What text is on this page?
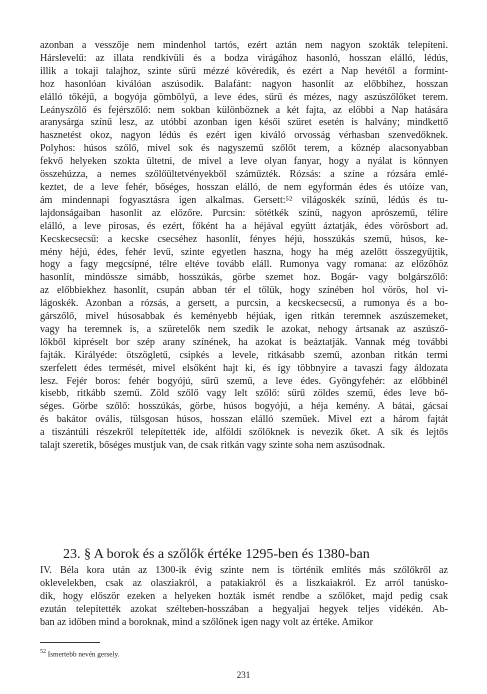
azonban a vesszője nem mindenhol tartós, ezért aztán nem nagyon szokták telepíteni.
Hárslevelű: az illata rendkívüli és a bodza virágához hasonló, hosszan elálló, lédús,
illik a tokaji talajhoz, szinte sűrű mézzé kövéredik, és ezért a Nap hevétől a formint-
hoz hasonlóan kiválóan aszúsodik. Balafánt: nagyon hasonlít az előbbihez, hosszan
elálló tőkéjű, a bogyója gömbölyű, a leve édes, sűrű és mézes, nagy aszúszőlőket terem.
Leányszőlő és fejérszőlő: nem sokban különböznek a két fajta, az elöbbi a Nap hatására
aranysárga színű lesz, az utóbbi azonban igen késői szüret esetén is halvány; mindkettő
hasznetést okoz, nagyon lédús és ezért igen kiváló orvosság vérhasban szenvedőknek.
Polyhos: húsos szőlő, mivel sok és nagyszemű szőlőt terem, a köznép alacsonyabban
fekvő helyeken szokta ültetni, de mivel a leve olyan fanyar, hogy a nyálat is könnyen
összehúzza, a nemes szőlőültetvényekből száműzték. Rózsás: a színe a rózsára emlé-
keztet, de a leve fehér, bőséges, hosszan elálló, de nem egyformán édes és utóíze van,
ám mindennapi fogyasztásra igen alkalmas. Gersett:⁵² világoskék színű, lédús és tu-
lajdonságaiban hasonlít az előzőre. Purcsin: sötétkék színű, nagyon aprószemű, télire
elálló, a leve pirosas, és ezért, főként ha a héjával együtt áztatják, édes vörösbort ad.
Kecskecsecsű: a kecske csecséhez hasonlít, fényes héjú, hosszúkás szemű, húsos, ke-
mény héjú, édes, fehér levű, szinte egyetlen haszna, hogy ha még azelőtt összegyűjtik,
hogy a fagy megcsípné, télre eltéve tovább eláll. Rumonya vagy romana: az előzőhöz
hasonlít, mindössze simább, hosszúkás, görbe szemet hoz. Bogár- vagy bolgárszőlő:
az előbbiekhez hasonlít, csupán abban tér el tőlük, hogy színében hol vörös, hol vi-
lágoskék. Azonban a rózsás, a gersett, a purcsin, a kecskecsecsű, a rumonya és a bo-
gárszőlő, mivel húsosabbak és keményebb héjúak, igen ritkán teremnek aszúszemeket,
vagy ha teremnek is, a szüretelők nem szedik le azokat, nehogy ártsanak az aszúsző-
lőkből kipréselt bor szép arany színének, ha azokat is beáztatják. Vannak még további
fajták. Királyéde: ötszögletű, csipkés a levele, ritkásabb szemű, azonban ritkán termi
szerfelett édes termését, mivel elsőként hajt ki, és így többnyire a tavaszi fagy áldozata
lesz. Fejér boros: fehér bogyójú, sűrű szemű, a leve édes. Gyöngyfehér: az előbbinél
kisebb, ritkább szemű. Zöld szőlő vagy lelt szőlő: sűrű zöldes szemű, édes leve bő-
séges. Görbe szőlő: hosszúkás, görbe, húsos bogyójú, a héja kemény. A bátai, gácsai
és bakátor ovális, tülsgosan húsos, hosszan elálló szemüek. Mivel ezt a három fajtát
a tiszántúli részekről telepítették ide, alföldi szőlőknek is nevezik őket. A sík és lejtős
talajt szeretik, bőséges mustjuk van, de csak ritkán vagy szinte soha nem aszúsodnak.
23. § A borok és a szőlők értéke 1295-ben és 1380-ban
IV. Béla kora után az 1300-ik évig szinte nem is történik említés más szőlőkről az
oklevelekben, csak az olasziakról, a patakiakról és a liszkaiakról. Ez arról tanúsko-
dik, hogy először ezeken a helyeken hozták ismét rendbe a szőlőket, majd pedig csak
ezután telepítették azokat szélteben-hosszában a hegyaljai hegyek teljes vidékén. Ab-
ban az időben mind a boroknak, mind a szőlőnek igen nagy volt az értéke. Amikor
$^{52}$ Ismertebb nevén gersely.
231
